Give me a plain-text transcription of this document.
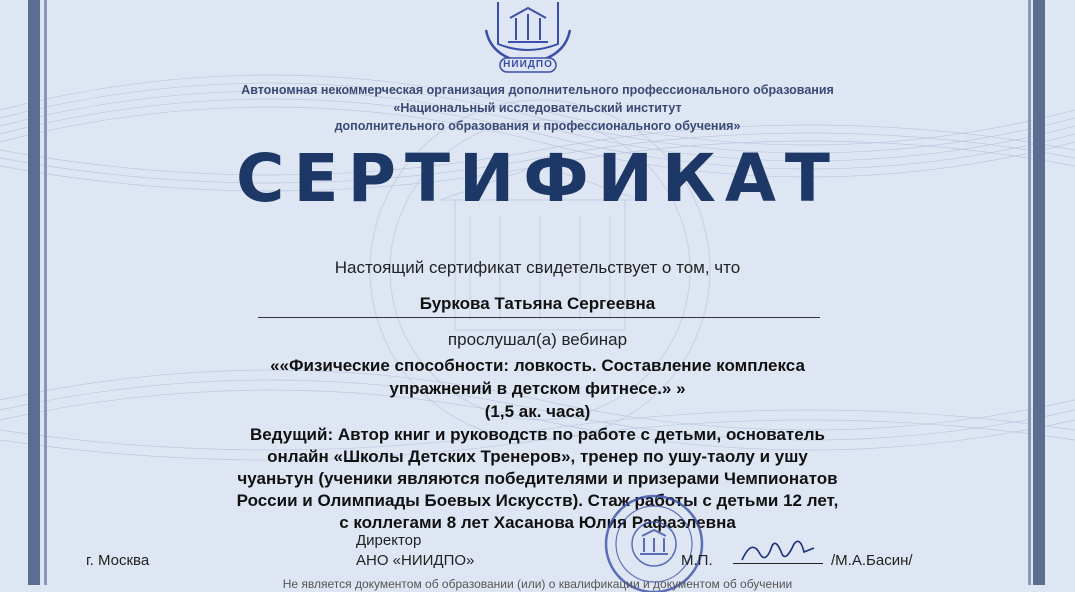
НИИДПО
Автономная некоммерческая организация дополнительного профессионального образования
«Национальный исследовательский институт
дополнительного образования и профессионального обучения»
СЕРТИФИКАТ
Настоящий сертификат свидетельствует о том, что
Буркова Татьяна Сергеевна
прослушал(а) вебинар
««Физические способности: ловкость. Составление комплекса
упражнений в детском фитнесе.» »
(1,5 ак. часа)
Ведущий: Автор книг и руководств по работе с детьми, основатель
онлайн «Школы Детских Тренеров», тренер по ушу-таолу и ушу
чуаньтун (ученики являются победителями и призерами Чемпионатов
России и Олимпиады Боевых Искусств). Стаж работы с детьми 12 лет,
с коллегами 8 лет Хасанова Юлия Рафаэлевна
г. Москва
Директор
АНО «НИИДПО»	М.П.	/М.А.Басин/
Не является документом об образовании (или) о квалификации и документом об обучении
